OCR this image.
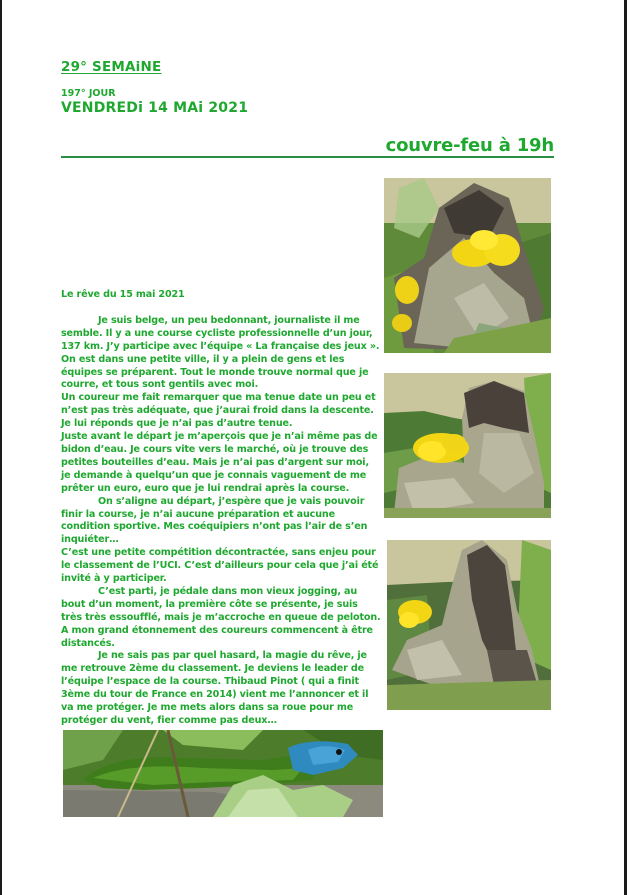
29° SEMAiNE
197° JOUR
VENDREDi 14 MAi 2021
couvre-feu à 19h

Le rêve du 15 mai 2021

Je suis belge, un peu bedonnant, journaliste il me semble. Il y a une course cycliste professionnelle d’un jour, 137 km. J’y participe avec l’équipe « La française des jeux ». On est dans une petite ville, il y a plein de gens et les équipes se préparent. Tout le monde trouve normal que je courre, et tous sont gentils avec moi.

Un coureur me fait remarquer que ma tenue date un peu et n’est pas très adéquate, que j’aurai froid dans la descente. Je lui réponds que je n’ai pas d’autre tenue.

Juste avant le départ je m’aperçois que je n’ai même pas de bidon d’eau. Je cours vite vers le marché, où je trouve des petites bouteilles d’eau. Mais je n’ai pas d’argent sur moi, je demande à quelqu’un que je connais vaguement de me prêter un euro, euro que je lui rendrai après la course.

On s’aligne au départ, j’espère que je vais pouvoir finir la course, je n’ai aucune préparation et aucune condition sportive. Mes coéquipiers n’ont pas l’air de s’en inquiéter…

C’est une petite compétition décontractée, sans enjeu pour le classement de l’UCI. C’est d’ailleurs pour cela que j’ai été invité à y participer.

C’est parti, je pédale dans mon vieux jogging, au bout d’un moment, la première côte se présente, je suis très très essoufflé, mais je m’accroche en queue de peloton. A mon grand étonnement des coureurs commencent à être distancés.

Je ne sais pas par quel hasard, la magie du rêve, je me retrouve 2ème du classement. Je deviens le leader de l’équipe l’espace de la course. Thibaud Pinot ( qui a finit 3ème du tour de France en 2014) vient me l’annoncer et il va me protéger. Je me mets alors dans sa roue pour me protéger du vent, fier comme pas deux…
